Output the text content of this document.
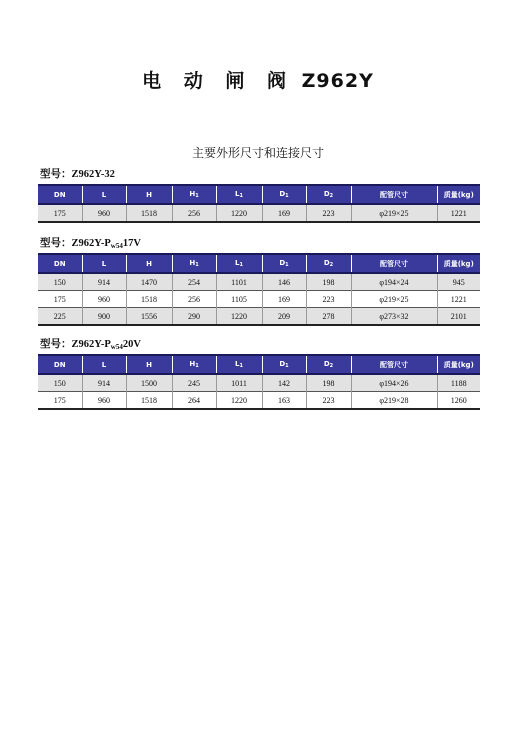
电 动 闸 阀 Z962Y
主要外形尺寸和连接尺寸
型号：Z962Y-32
DN	L	H	$H_1$	$L_1$	$D_1$	$D_2$	配管尺寸	质量(kg)
175	960	1518	256	1220	169	223	φ219×25	1221
型号：$Z962Y-P_{w54}17V$
DN	L	H	$H_1$	$L_1$	$D_1$	$D_2$	配管尺寸	质量(kg)
150	914	1470	254	1101	146	198	φ194×24	945
175	960	1518	256	1105	169	223	φ219×25	1221
225	900	1556	290	1220	209	278	φ273×32	2101
型号：$Z962Y-P_{w54}20V$
DN	L	H	$H_1$	$L_1$	$D_1$	$D_2$	配管尺寸	质量(kg)
150	914	1500	245	1011	142	198	φ194×26	1188
175	960	1518	264	1220	163	223	φ219×28	1260
